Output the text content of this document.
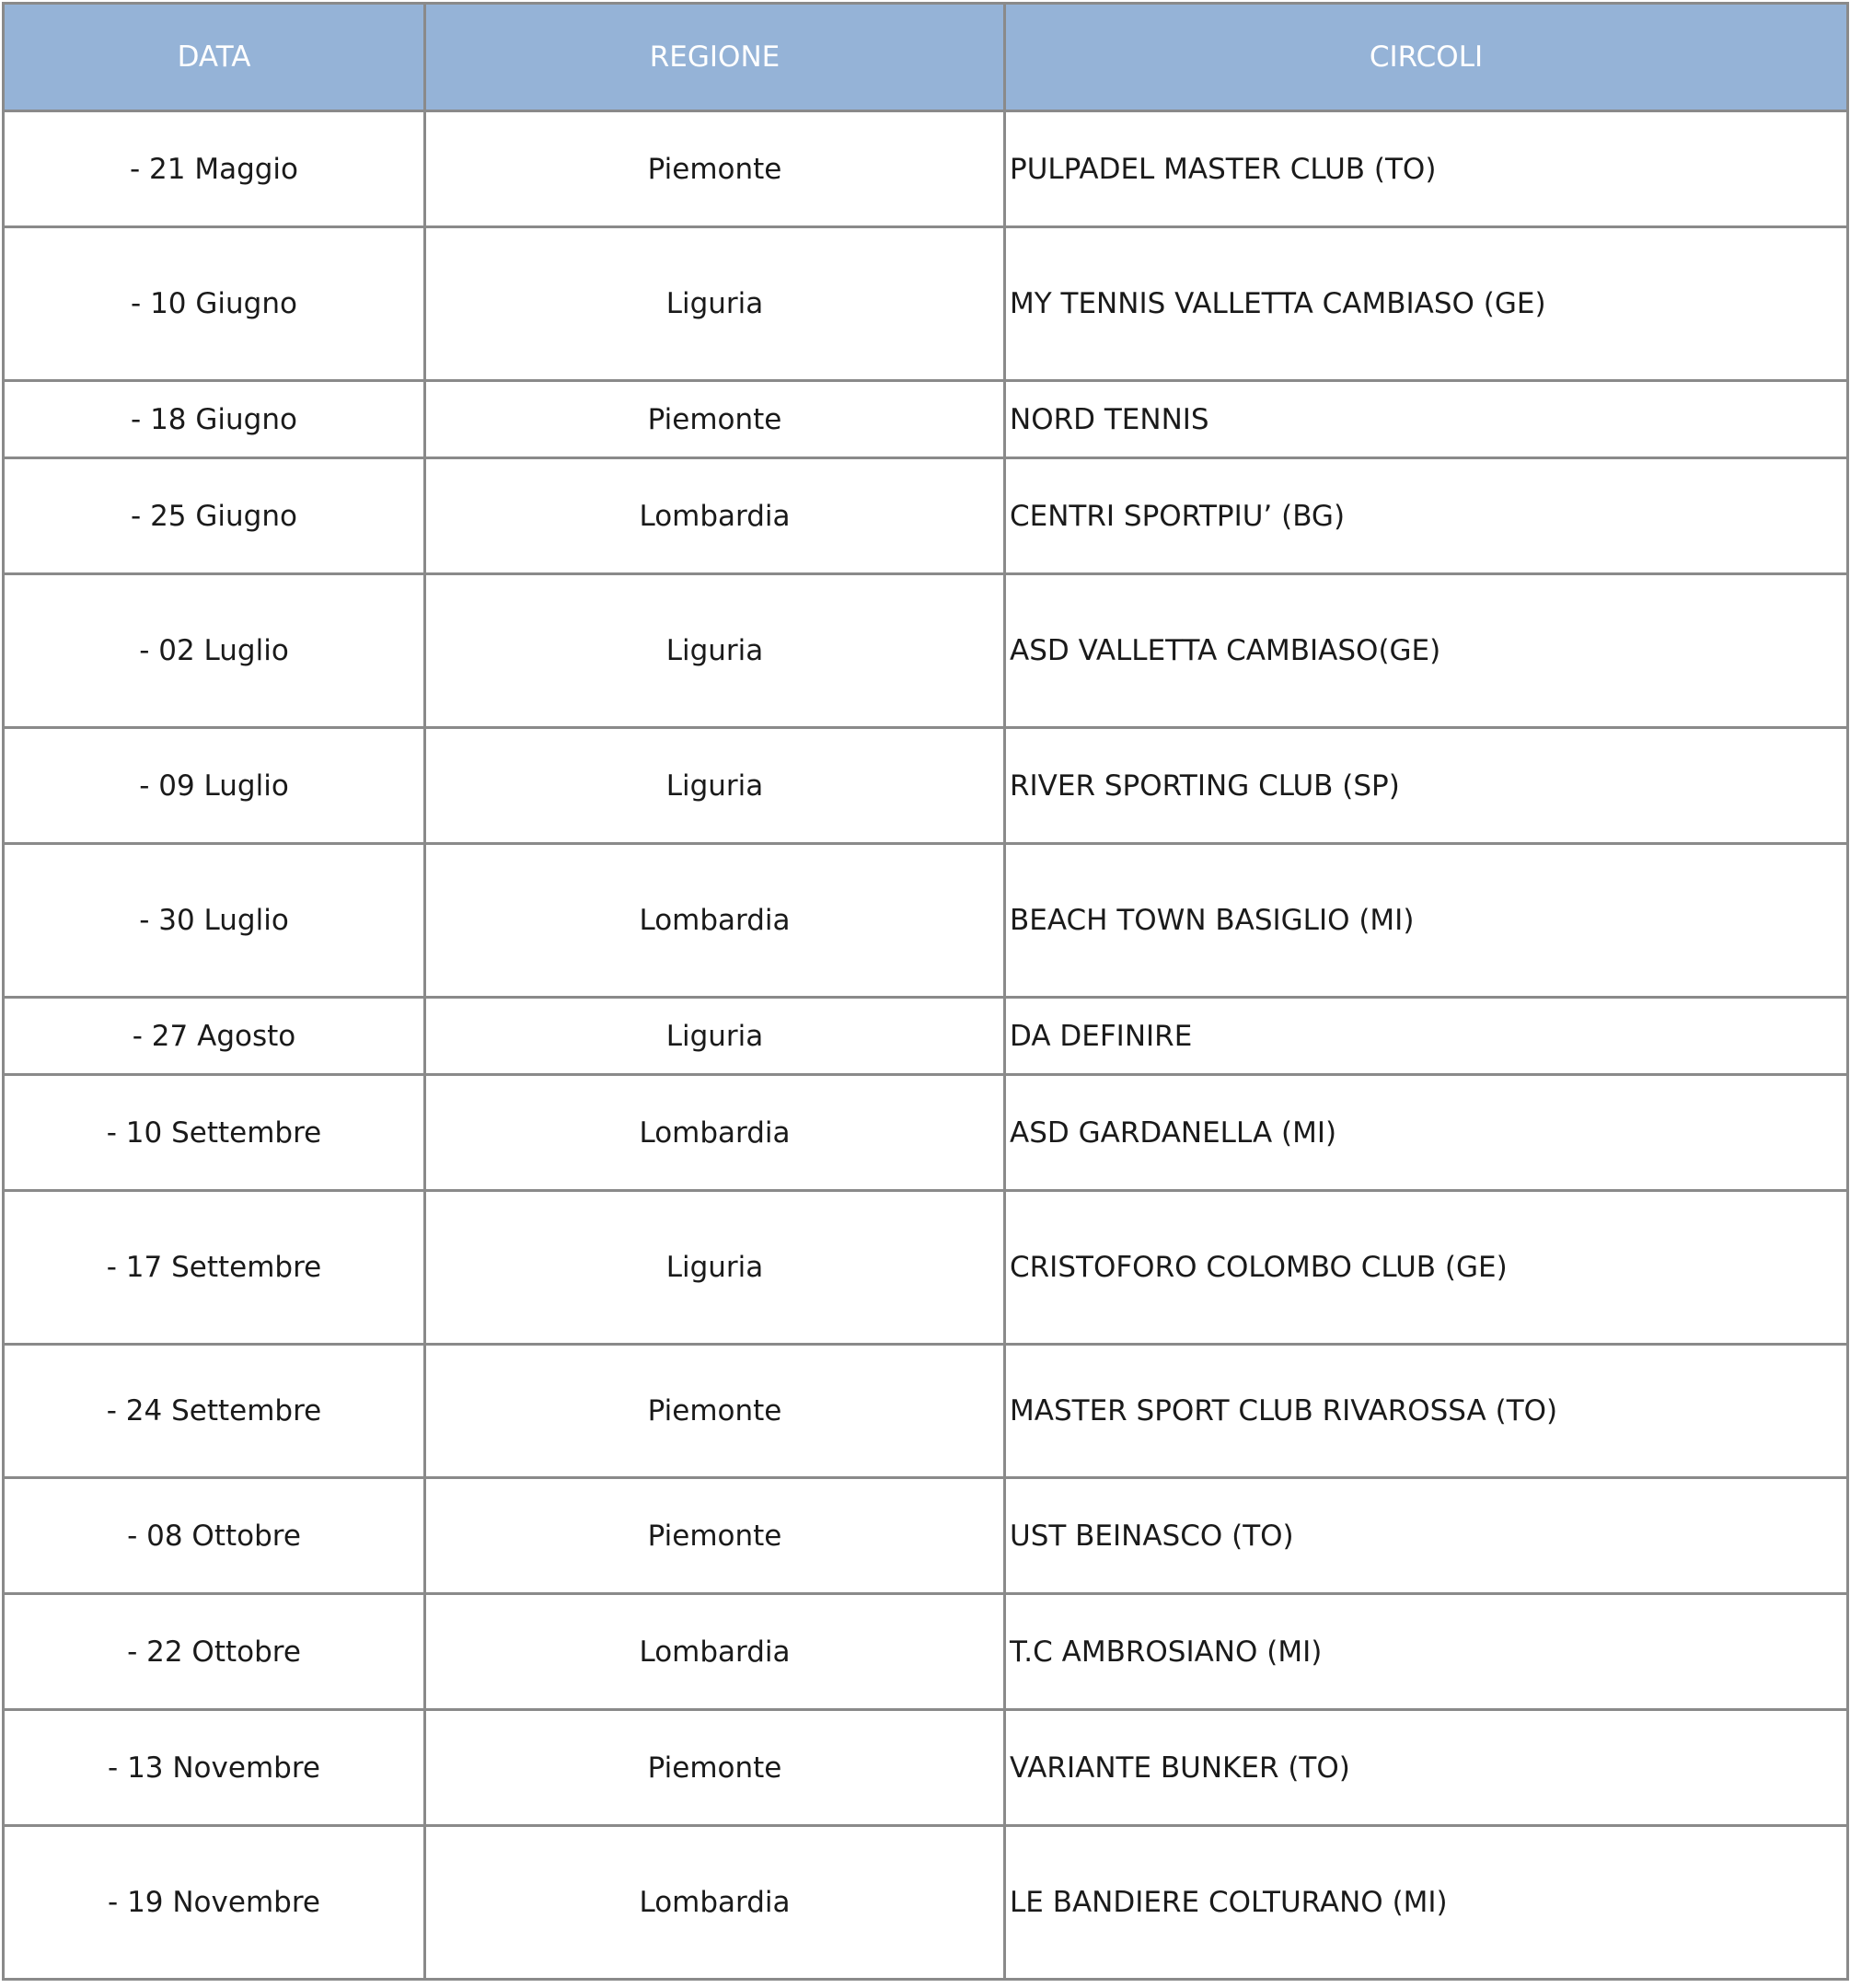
DATA	REGIONE	CIRCOLI
- 21 Maggio	Piemonte	PULPADEL MASTER CLUB (TO)
- 10 Giugno	Liguria	MY TENNIS VALLETTA CAMBIASO (GE)
- 18 Giugno	Piemonte	NORD TENNIS
- 25 Giugno	Lombardia	CENTRI SPORTPIU’ (BG)
- 02 Luglio	Liguria	ASD VALLETTA CAMBIASO(GE)
- 09 Luglio	Liguria	RIVER SPORTING CLUB (SP)
- 30 Luglio	Lombardia	BEACH TOWN BASIGLIO (MI)
- 27 Agosto	Liguria	DA DEFINIRE
- 10 Settembre	Lombardia	ASD GARDANELLA (MI)
- 17 Settembre	Liguria	CRISTOFORO COLOMBO CLUB (GE)
- 24 Settembre	Piemonte	MASTER SPORT CLUB RIVAROSSA (TO)
- 08 Ottobre	Piemonte	UST BEINASCO (TO)
- 22 Ottobre	Lombardia	T.C AMBROSIANO (MI)
- 13 Novembre	Piemonte	VARIANTE BUNKER (TO)
- 19 Novembre	Lombardia	LE BANDIERE COLTURANO (MI)
